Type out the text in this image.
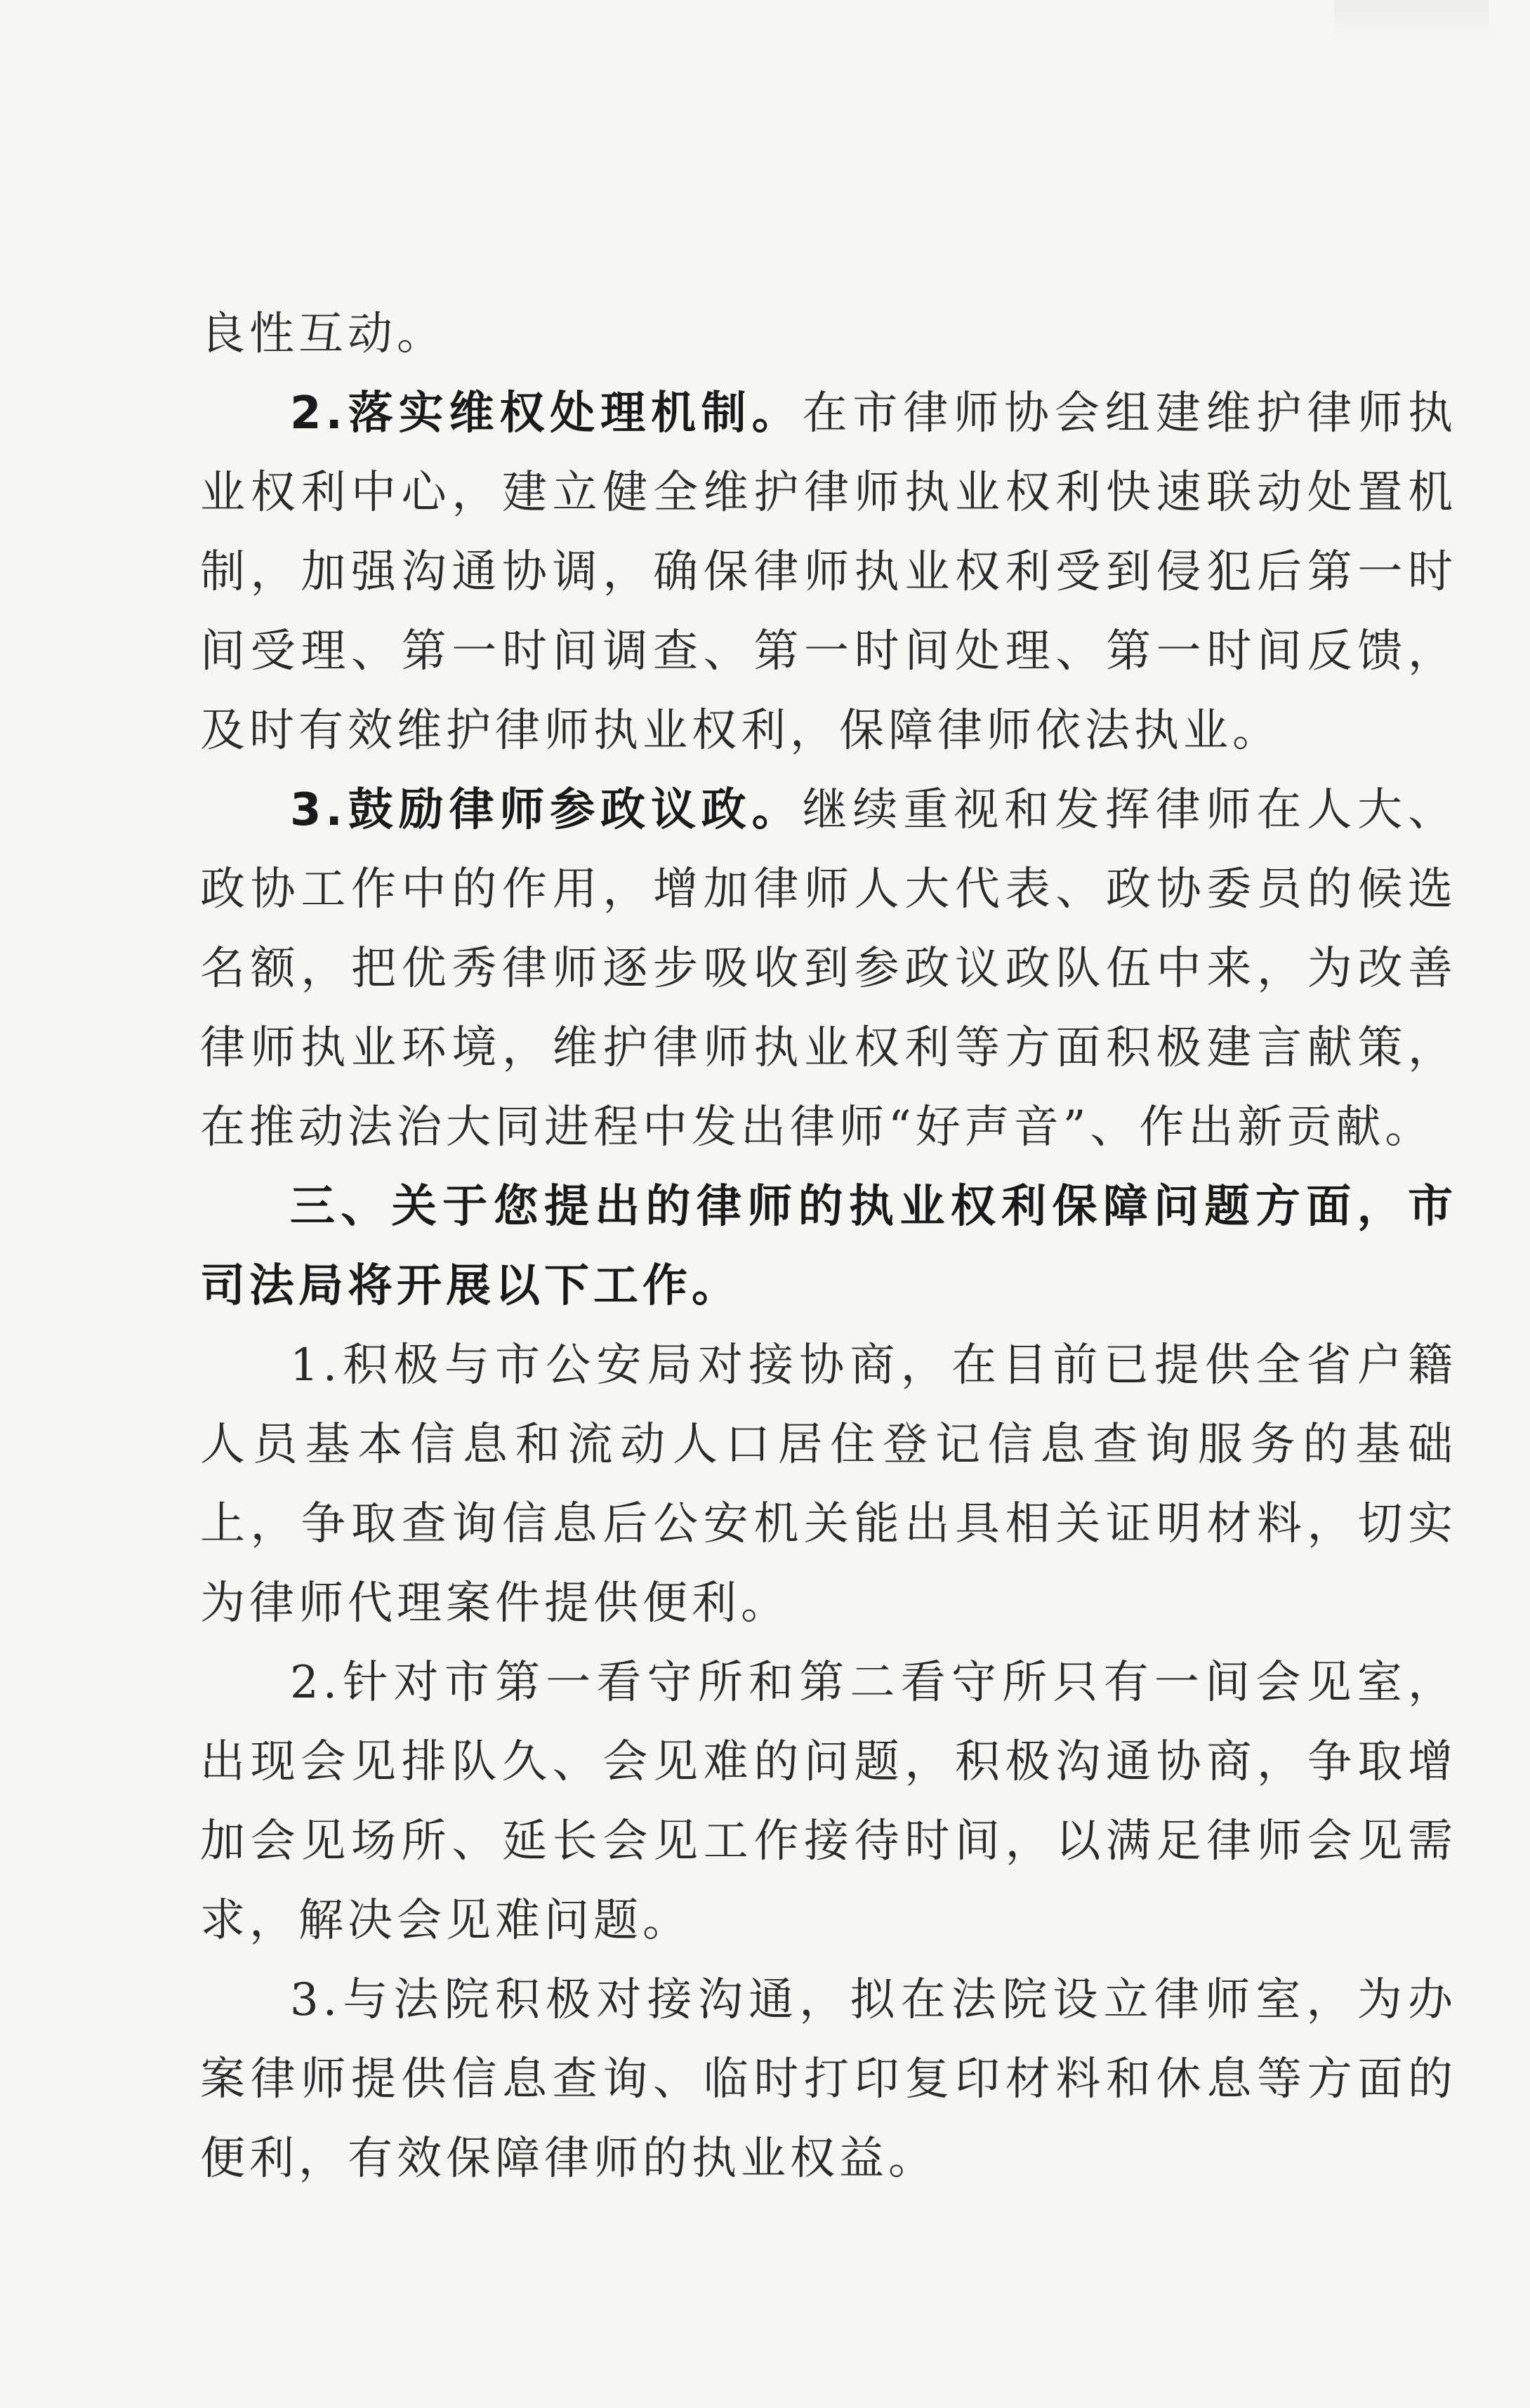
良性互动。

2.落实维权处理机制。在市律师协会组建维护律师执业权利中心，建立健全维护律师执业权利快速联动处置机制，加强沟通协调，确保律师执业权利受到侵犯后第一时间受理、第一时间调查、第一时间处理、第一时间反馈，及时有效维护律师执业权利，保障律师依法执业。

3.鼓励律师参政议政。继续重视和发挥律师在人大、政协工作中的作用，增加律师人大代表、政协委员的候选名额，把优秀律师逐步吸收到参政议政队伍中来，为改善律师执业环境，维护律师执业权利等方面积极建言献策，在推动法治大同进程中发出律师“好声音”、作出新贡献。

三、关于您提出的律师的执业权利保障问题方面，市司法局将开展以下工作。

1.积极与市公安局对接协商，在目前已提供全省户籍人员基本信息和流动人口居住登记信息查询服务的基础上，争取查询信息后公安机关能出具相关证明材料，切实为律师代理案件提供便利。

2.针对市第一看守所和第二看守所只有一间会见室，出现会见排队久、会见难的问题，积极沟通协商，争取增加会见场所、延长会见工作接待时间，以满足律师会见需求，解决会见难问题。

3.与法院积极对接沟通，拟在法院设立律师室，为办案律师提供信息查询、临时打印复印材料和休息等方面的便利，有效保障律师的执业权益。
